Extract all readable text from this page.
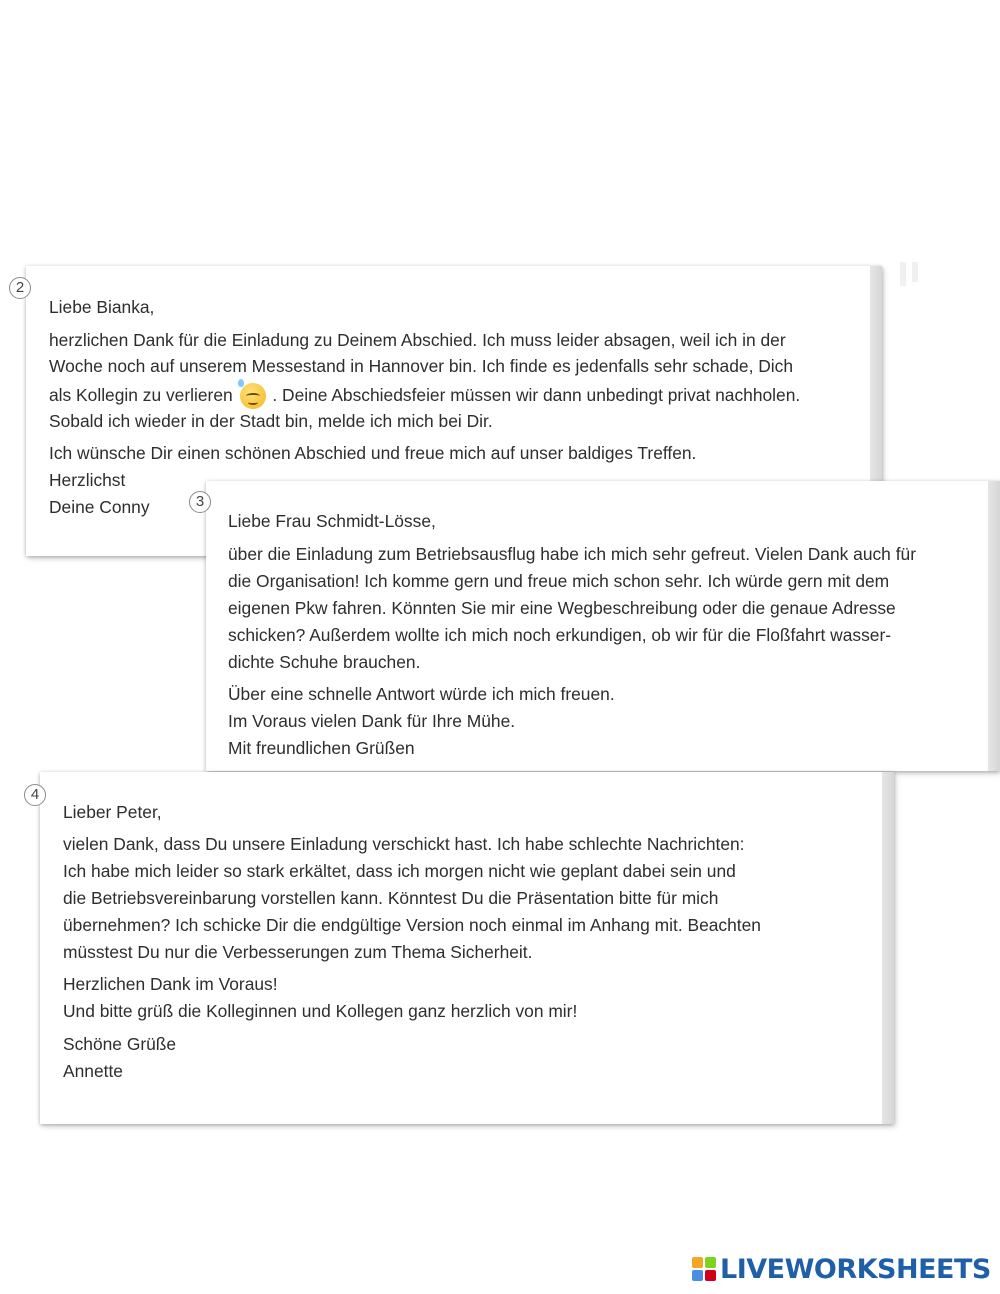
2
Liebe Bianka,
herzlichen Dank für die Einladung zu Deinem Abschied. Ich muss leider absagen, weil ich in der
Woche noch auf unserem Messestand in Hannover bin. Ich finde es jedenfalls sehr schade, Dich
als Kollegin zu verlieren . Deine Abschiedsfeier müssen wir dann unbedingt privat nachholen.
Sobald ich wieder in der Stadt bin, melde ich mich bei Dir.
Ich wünsche Dir einen schönen Abschied und freue mich auf unser baldiges Treffen.
Herzlichst
Deine Conny	3
Liebe Frau Schmidt-Lösse,
über die Einladung zum Betriebsausflug habe ich mich sehr gefreut. Vielen Dank auch für
die Organisation! Ich komme gern und freue mich schon sehr. Ich würde gern mit dem
eigenen Pkw fahren. Könnten Sie mir eine Wegbeschreibung oder die genaue Adresse
schicken? Außerdem wollte ich mich noch erkundigen, ob wir für die Floßfahrt wasser-
dichte Schuhe brauchen.
Über eine schnelle Antwort würde ich mich freuen.
Im Voraus vielen Dank für Ihre Mühe.
Mit freundlichen Grüßen
4
Lieber Peter,
vielen Dank, dass Du unsere Einladung verschickt hast. Ich habe schlechte Nachrichten:
Ich habe mich leider so stark erkältet, dass ich morgen nicht wie geplant dabei sein und
die Betriebsvereinbarung vorstellen kann. Könntest Du die Präsentation bitte für mich
übernehmen? Ich schicke Dir die endgültige Version noch einmal im Anhang mit. Beachten
müsstest Du nur die Verbesserungen zum Thema Sicherheit.
Herzlichen Dank im Voraus!
Und bitte grüß die Kolleginnen und Kollegen ganz herzlich von mir!
Schöne Grüße
Annette
LIVEWORKSHEETS
